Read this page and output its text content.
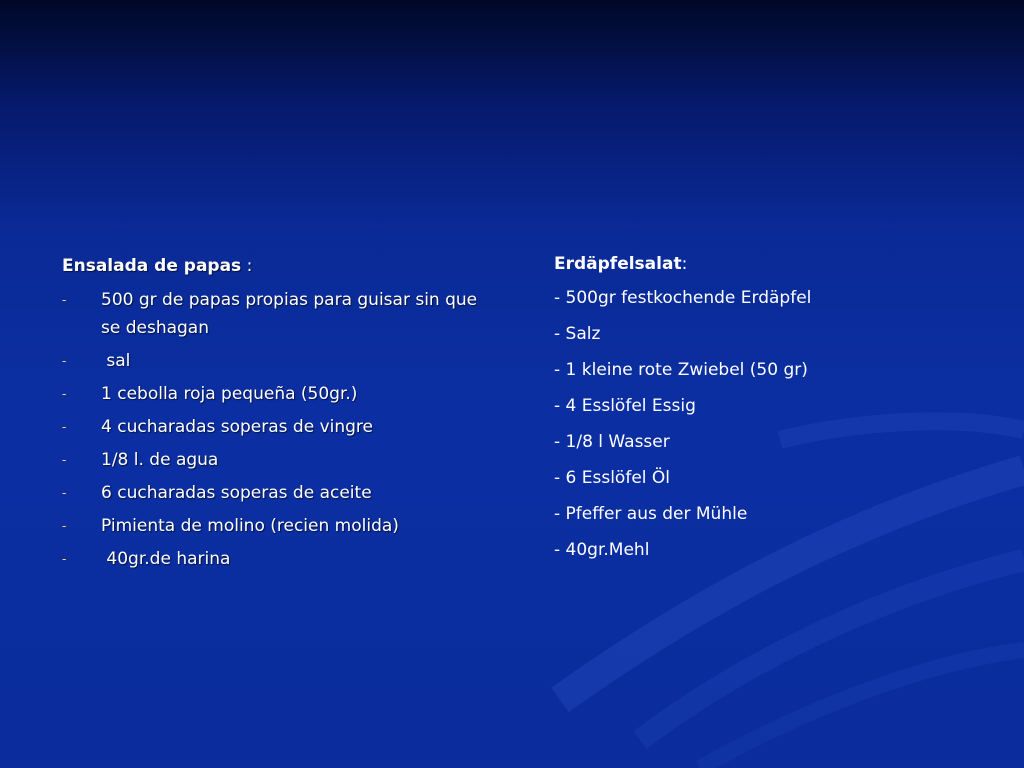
Ensalada de papas :
- 500 gr de papas propias para guisar sin que se deshagan
- sal
- 1 cebolla roja pequeña (50gr.)
- 4 cucharadas soperas de vingre
- 1/8 l. de agua
- 6 cucharadas soperas de aceite
- Pimienta de molino (recien molida)
- 40gr.de harina
Erdäpfelsalat:
- 500gr festkochende Erdäpfel
- Salz
- 1 kleine rote Zwiebel (50 gr)
- 4 Esslöfel Essig
- 1/8 l Wasser
- 6 Esslöfel Öl
- Pfeffer aus der Mühle
- 40gr.Mehl
